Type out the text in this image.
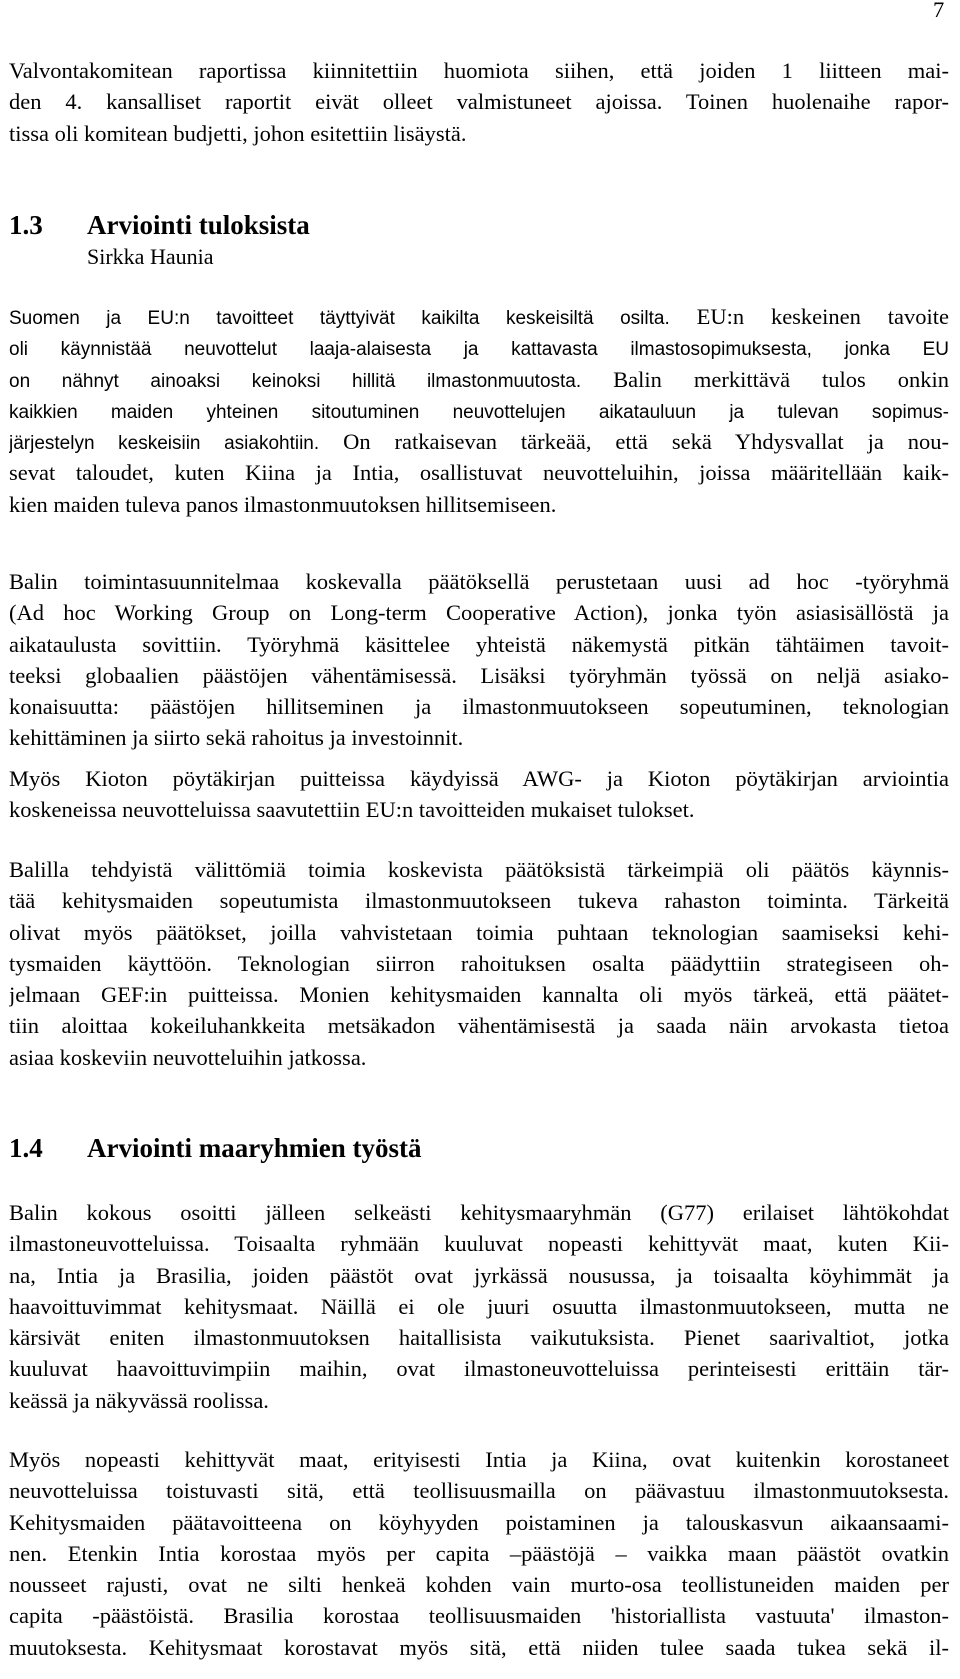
7
Valvontakomitean raportissa kiinnitettiin huomiota siihen, että joiden 1 liitteen mai-
den 4. kansalliset raportit eivät olleet valmistuneet ajoissa. Toinen huolenaihe rapor-
tissa oli komitean budjetti, johon esitettiin lisäystä.
1.3 Arviointi tuloksista
Sirkka Haunia
Suomen ja EU:n tavoitteet täyttyivät kaikilta keskeisiltä osilta. EU:n keskeinen tavoite
oli käynnistää neuvottelut laaja-alaisesta ja kattavasta ilmastosopimuksesta, jonka EU
on nähnyt ainoaksi keinoksi hillitä ilmastonmuutosta. Balin merkittävä tulos onkin
kaikkien maiden yhteinen sitoutuminen neuvottelujen aikatauluun ja tulevan sopimus-
järjestelyn keskeisiin asiakohtiin. On ratkaisevan tärkeää, että sekä Yhdysvallat ja nou-
sevat taloudet, kuten Kiina ja Intia, osallistuvat neuvotteluihin, joissa määritellään kaik-
kien maiden tuleva panos ilmastonmuutoksen hillitsemiseen.
Balin toimintasuunnitelmaa koskevalla päätöksellä perustetaan uusi ad hoc -työryhmä
(Ad hoc Working Group on Long-term Cooperative Action), jonka työn asiasisällöstä ja
aikataulusta sovittiin. Työryhmä käsittelee yhteistä näkemystä pitkän tähtäimen tavoit-
teeksi globaalien päästöjen vähentämisessä. Lisäksi työryhmän työssä on neljä asiako-
konaisuutta: päästöjen hillitseminen ja ilmastonmuutokseen sopeutuminen, teknologian
kehittäminen ja siirto sekä rahoitus ja investoinnit.
Myös Kioton pöytäkirjan puitteissa käydyissä AWG- ja Kioton pöytäkirjan arviointia
koskeneissa neuvotteluissa saavutettiin EU:n tavoitteiden mukaiset tulokset.
Balilla tehdyistä välittömiä toimia koskevista päätöksistä tärkeimpiä oli päätös käynnis-
tää kehitysmaiden sopeutumista ilmastonmuutokseen tukeva rahaston toiminta. Tärkeitä
olivat myös päätökset, joilla vahvistetaan toimia puhtaan teknologian saamiseksi kehi-
tysmaiden käyttöön. Teknologian siirron rahoituksen osalta päädyttiin strategiseen oh-
jelmaan GEF:in puitteissa. Monien kehitysmaiden kannalta oli myös tärkeä, että päätet-
tiin aloittaa kokeiluhankkeita metsäkadon vähentämisestä ja saada näin arvokasta tietoa
asiaa koskeviin neuvotteluihin jatkossa.
1.4 Arviointi maaryhmien työstä
Balin kokous osoitti jälleen selkeästi kehitysmaaryhmän (G77) erilaiset lähtökohdat
ilmastoneuvotteluissa. Toisaalta ryhmään kuuluvat nopeasti kehittyvät maat, kuten Kii-
na, Intia ja Brasilia, joiden päästöt ovat jyrkässä nousussa, ja toisaalta köyhimmät ja
haavoittuvimmat kehitysmaat. Näillä ei ole juuri osuutta ilmastonmuutokseen, mutta ne
kärsivät eniten ilmastonmuutoksen haitallisista vaikutuksista. Pienet saarivaltiot, jotka
kuuluvat haavoittuvimpiin maihin, ovat ilmastoneuvotteluissa perinteisesti erittäin tär-
keässä ja näkyvässä roolissa.
Myös nopeasti kehittyvät maat, erityisesti Intia ja Kiina, ovat kuitenkin korostaneet
neuvotteluissa toistuvasti sitä, että teollisuusmailla on päävastuu ilmastonmuutoksesta.
Kehitysmaiden päätavoitteena on köyhyyden poistaminen ja talouskasvun aikaansaami-
nen. Etenkin Intia korostaa myös per capita –päästöjä – vaikka maan päästöt ovatkin
nousseet rajusti, ovat ne silti henkeä kohden vain murto-osa teollistuneiden maiden per
capita -päästöistä. Brasilia korostaa teollisuusmaiden 'historiallista vastuuta' ilmaston-
muutoksesta. Kehitysmaat korostavat myös sitä, että niiden tulee saada tukea sekä il-
